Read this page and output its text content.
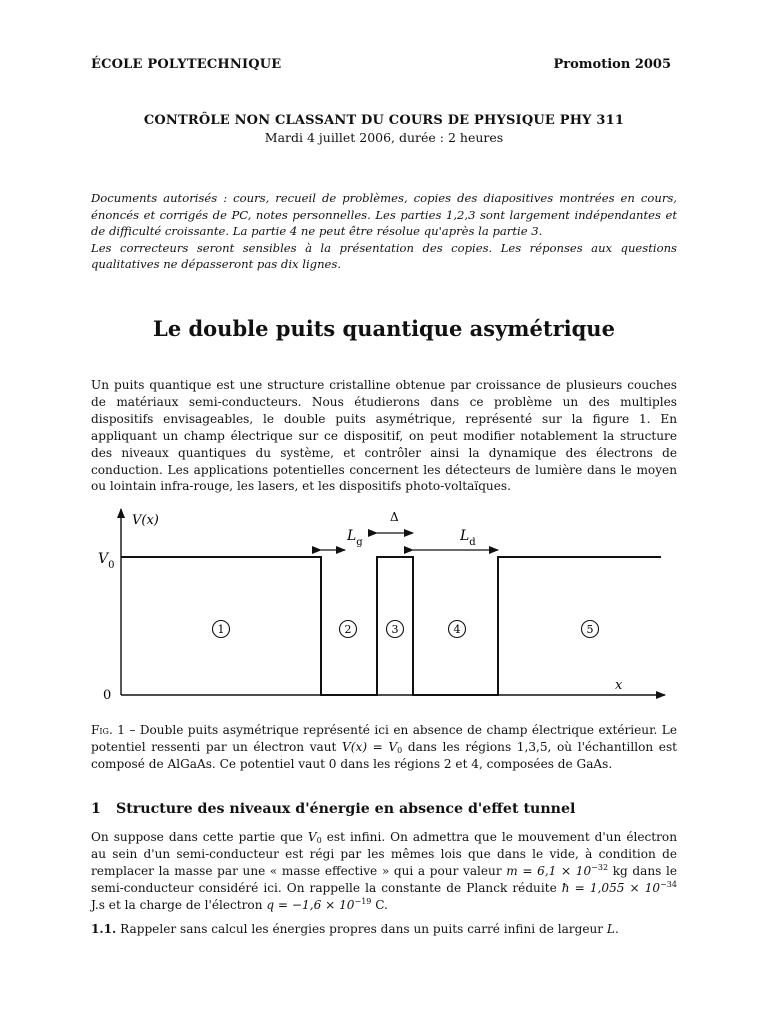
ÉCOLE POLYTECHNIQUE	Promotion 2005
CONTRÔLE NON CLASSANT DU COURS DE PHYSIQUE PHY 311
Mardi 4 juillet 2006, durée : 2 heures

Documents autorisés : cours, recueil de problèmes, copies des diapositives montrées en cours, énoncés et corrigés de PC, notes personnelles. Les parties 1,2,3 sont largement indépendantes et de difficulté croissante. La partie 4 ne peut être résolue qu'après la partie 3.

Les correcteurs seront sensibles à la présentation des copies. Les réponses aux questions qualitatives ne dépasseront pas dix lignes.

Le double puits quantique asymétrique

Un puits quantique est une structure cristalline obtenue par croissance de plusieurs couches de matériaux semi-conducteurs. Nous étudierons dans ce problème un des multiples dispositifs envisageables, le double puits asymétrique, représenté sur la figure 1. En appliquant un champ électrique sur ce dispositif, on peut modifier notablement la structure des niveaux quantiques du système, et contrôler ainsi la dynamique des électrons de conduction. Les applications potentielles concernent les détecteurs de lumière dans le moyen ou lointain infra-rouge, les lasers, et les dispositifs photo-voltaïques.

V(x)
x
$V_0$
0
$L_g$
Δ
$L_d$
1	2	3	4	5

Fig. 1 – Double puits asymétrique représenté ici en absence de champ électrique extérieur. Le potentiel ressenti par un électron vaut $V(x) = V_0$ dans les régions 1,3,5, où l'échantillon est composé de AlGaAs. Ce potentiel vaut 0 dans les régions 2 et 4, composées de GaAs.

1 Structure des niveaux d'énergie en absence d'effet tunnel

On suppose dans cette partie que $V_0$ est infini. On admettra que le mouvement d'un électron au sein d'un semi-conducteur est régi par les mêmes lois que dans le vide, à condition de remplacer la masse par une « masse effective » qui a pour valeur $m = 6,1 \times 10^{-32}$ kg dans le semi-conducteur considéré ici. On rappelle la constante de Planck réduite ħ = $1,055 \times 10^{-34}$ J.s et la charge de l'électron $q = -1,6 \times 10^{-19}$ C.

1.1. Rappeler sans calcul les énergies propres dans un puits carré infini de largeur L.
